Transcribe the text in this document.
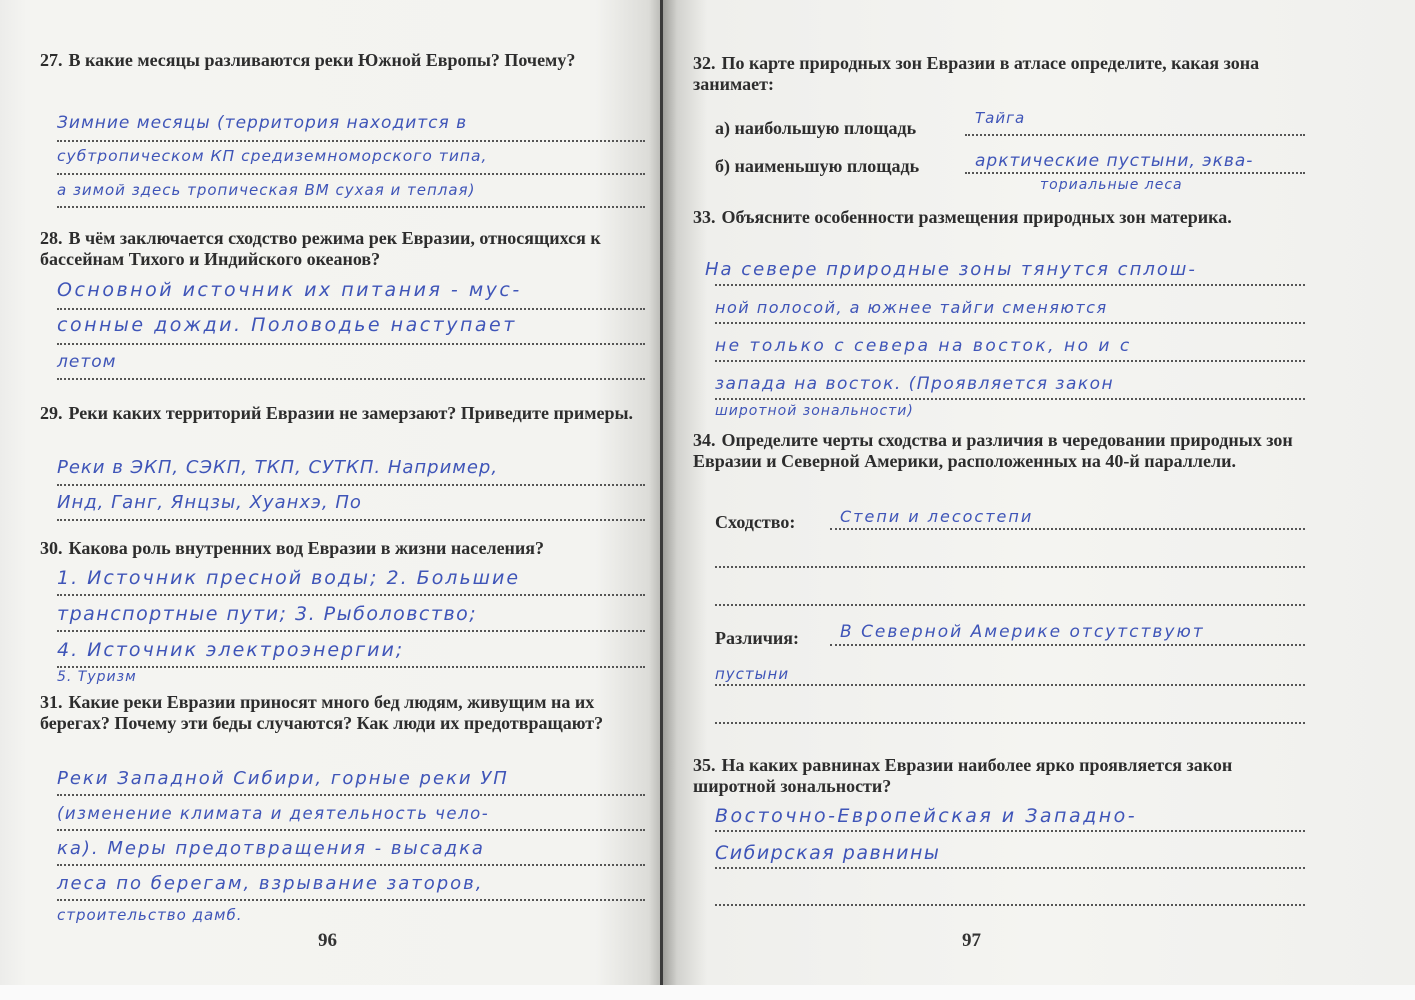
27. В какие месяцы разливаются реки Южной Европы? Почему?
Зимние месяцы (территория находится в
субтропическом КП средиземноморского типа,
а зимой здесь тропическая ВМ сухая и теплая)
28. В чём заключается сходство режима рек Евразии, относящихся к бассейнам Тихого и Индийского океанов?
Основной источник их питания - мус-
сонные дожди. Половодье наступает
летом
29. Реки каких территорий Евразии не замерзают? Приведите примеры.
Реки в ЭКП, СЭКП, ТКП, СУТКП. Например,
Инд, Ганг, Янцзы, Хуанхэ, По
30. Какова роль внутренних вод Евразии в жизни населения?
1. Источник пресной воды; 2. Большие
транспортные пути; 3. Рыболовство;
4. Источник электроэнергии;
5. Туризм
31. Какие реки Евразии приносят много бед людям, живущим на их берегах? Почему эти беды случаются? Как люди их предотвращают?
Реки Западной Сибири, горные реки УП
(изменение климата и деятельность чело-
ка). Меры предотвращения - высадка
леса по берегам, взрывание заторов,
строительство дамб.
96
32. По карте природных зон Евразии в атласе определите, какая зона занимает:
а) наибольшую площадь	Тайга
б) наименьшую площадь	арктические пустыни, эква-
ториальные леса
33. Объясните особенности размещения природных зон материка.
На севере природные зоны тянутся сплош-
ной полосой, а южнее тайги сменяются
не только с севера на восток, но и с
запада на восток. (Проявляется закон
широтной зональности)
34. Определите черты сходства и различия в чередовании природных зон Евразии и Северной Америки, расположенных на 40-й параллели.
Сходство:	Степи и лесостепи
Различия: В Северной Америке отсутствуют
пустыни
35. На каких равнинах Евразии наиболее ярко проявляется закон широтной зональности?
Восточно-Европейская и Западно-
Сибирская равнины
97
